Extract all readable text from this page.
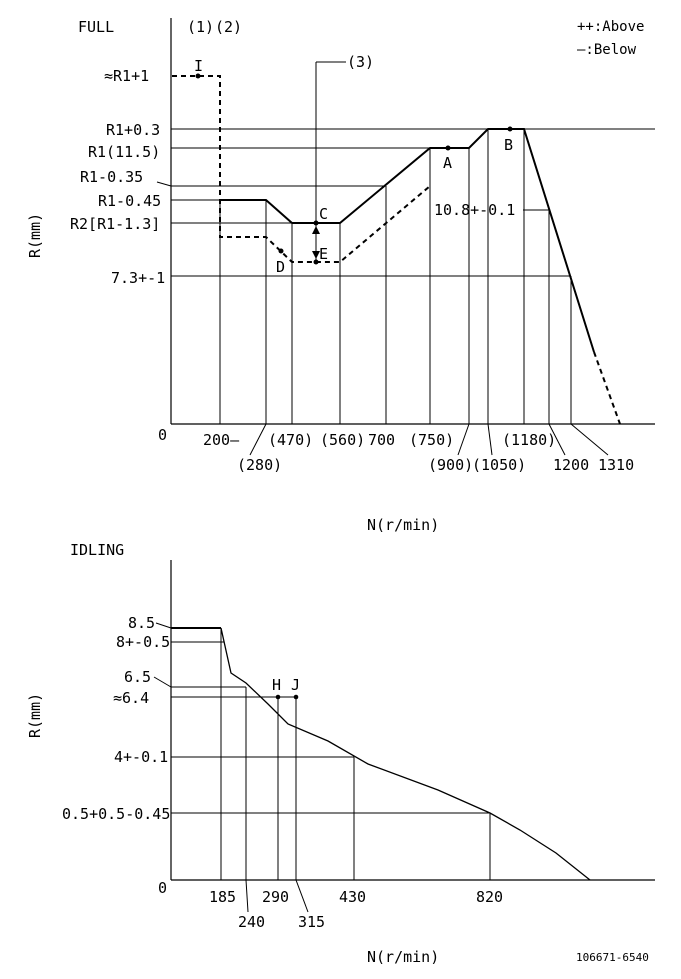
FULL	(1) (2)	++:Above
—:Below
0
R(mm)
≈R1+1
R1+0.3
R1(11.5)
R1-0.35
R1-0.45
R2[R1-1.3]
7.3+-1
(3)
I
A
B
C
D
E
10.8+-0.1
200—
(280)
(470) (560) 700 (750)
(900)
(1050)
(1180)
1200 1310
N(r/min)
IDLING
0
R(mm)
8.5
8+-0.5
6.5
≈6.4
4+-0.1
0.5+0.5-0.45
H J
185
240
290
315
430	820
N(r/min)	106671-6540
